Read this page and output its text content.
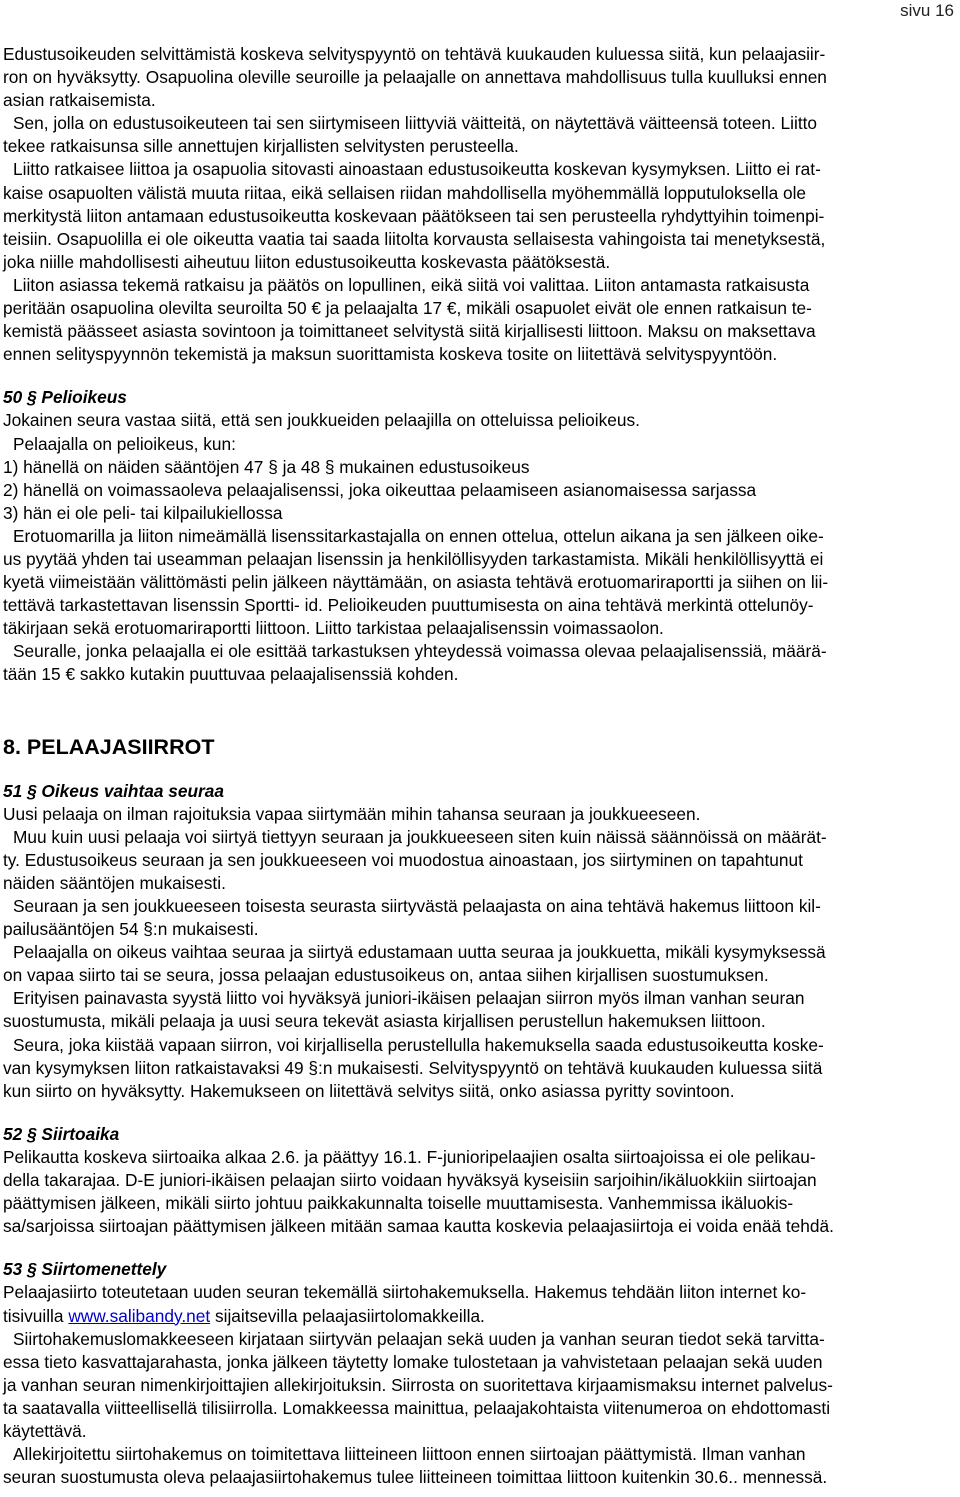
sivu 16

Edustusoikeuden selvittämistä koskeva selvityspyyntö on tehtävä kuukauden kuluessa siitä, kun pelaajasiir-

ron on hyväksytty. Osapuolina oleville seuroille ja pelaajalle on annettava mahdollisuus tulla kuulluksi ennen

asian ratkaisemista.

Sen, jolla on edustusoikeuteen tai sen siirtymiseen liittyviä väitteitä, on näytettävä väitteensä toteen. Liitto

tekee ratkaisunsa sille annettujen kirjallisten selvitysten perusteella.

Liitto ratkaisee liittoa ja osapuolia sitovasti ainoastaan edustusoikeutta koskevan kysymyksen. Liitto ei rat-

kaise osapuolten välistä muuta riitaa, eikä sellaisen riidan mahdollisella myöhemmällä lopputuloksella ole

merkitystä liiton antamaan edustusoikeutta koskevaan päätökseen tai sen perusteella ryhdyttyihin toimenpi-

teisiin. Osapuolilla ei ole oikeutta vaatia tai saada liitolta korvausta sellaisesta vahingoista tai menetyksestä,

joka niille mahdollisesti aiheutuu liiton edustusoikeutta koskevasta päätöksestä.

Liiton asiassa tekemä ratkaisu ja päätös on lopullinen, eikä siitä voi valittaa. Liiton antamasta ratkaisusta

peritään osapuolina olevilta seuroilta 50 € ja pelaajalta 17 €, mikäli osapuolet eivät ole ennen ratkaisun te-

kemistä päässeet asiasta sovintoon ja toimittaneet selvitystä siitä kirjallisesti liittoon. Maksu on maksettava

ennen selityspyynnön tekemistä ja maksun suorittamista koskeva tosite on liitettävä selvityspyyntöön.

50 § Pelioikeus

Jokainen seura vastaa siitä, että sen joukkueiden pelaajilla on otteluissa pelioikeus.

Pelaajalla on pelioikeus, kun:

1) hänellä on näiden sääntöjen 47 § ja 48 § mukainen edustusoikeus

2) hänellä on voimassaoleva pelaajalisenssi, joka oikeuttaa pelaamiseen asianomaisessa sarjassa

3) hän ei ole peli- tai kilpailukiellossa

Erotuomarilla ja liiton nimeämällä lisenssitarkastajalla on ennen ottelua, ottelun aikana ja sen jälkeen oike-

us pyytää yhden tai useamman pelaajan lisenssin ja henkilöllisyyden tarkastamista. Mikäli henkilöllisyyttä ei

kyetä viimeistään välittömästi pelin jälkeen näyttämään, on asiasta tehtävä erotuomariraportti ja siihen on lii-

tettävä tarkastettavan lisenssin Sportti- id. Pelioikeuden puuttumisesta on aina tehtävä merkintä otteluпöy-

täkirjaan sekä erotuomariraportti liittoon. Liitto tarkistaa pelaajalisenssin voimassaolon.

Seuralle, jonka pelaajalla ei ole esittää tarkastuksen yhteydessä voimassa olevaa pelaajalisenssiä, määrä-

tään 15 € sakko kutakin puuttuvaa pelaajalisenssiä kohden.

8. PELAAJASIIRROT

51 § Oikeus vaihtaa seuraa

Uusi pelaaja on ilman rajoituksia vapaa siirtymään mihin tahansa seuraan ja joukkueeseen.

Muu kuin uusi pelaaja voi siirtyä tiettyyn seuraan ja joukkueeseen siten kuin näissä säännöissä on määrät-

ty. Edustusoikeus seuraan ja sen joukkueeseen voi muodostua ainoastaan, jos siirtyminen on tapahtunut

näiden sääntöjen mukaisesti.

Seuraan ja sen joukkueeseen toisesta seurasta siirtyvästä pelaajasta on aina tehtävä hakemus liittoon kil-

pailusääntöjen 54 §:n mukaisesti.

Pelaajalla on oikeus vaihtaa seuraa ja siirtyä edustamaan uutta seuraa ja joukkuetta, mikäli kysymyksessä

on vapaa siirto tai se seura, jossa pelaajan edustusoikeus on, antaa siihen kirjallisen suostumuksen.

Erityisen painavasta syystä liitto voi hyväksyä juniori-ikäisen pelaajan siirron myös ilman vanhan seuran

suostumusta, mikäli pelaaja ja uusi seura tekevät asiasta kirjallisen perustellun hakemuksen liittoon.

Seura, joka kiistää vapaan siirron, voi kirjallisella perustellulla hakemuksella saada edustusoikeutta koske-

van kysymyksen liiton ratkaistavaksi 49 §:n mukaisesti. Selvityspyyntö on tehtävä kuukauden kuluessa siitä

kun siirto on hyväksytty. Hakemukseen on liitettävä selvitys siitä, onko asiassa pyritty sovintoon.

52 § Siirtoaika

Pelikautta koskeva siirtoaika alkaa 2.6. ja päättyy 16.1. F-junioripelaajien osalta siirtoajoissa ei ole pelikau-

della takarajaa. D-E juniori-ikäisen pelaajan siirto voidaan hyväksyä kyseisiin sarjoihin/ikäluokkiin siirtoajan

päättymisen jälkeen, mikäli siirto johtuu paikkakunnalta toiselle muuttamisesta. Vanhemmissa ikäluokis-

sa/sarjoissa siirtoajan päättymisen jälkeen mitään samaa kautta koskevia pelaajasiirtoja ei voida enää tehdä.

53 § Siirtomenettely

Pelaajasiirto toteutetaan uuden seuran tekemällä siirtohakemuksella. Hakemus tehdään liiton internet ko-

tisivuilla www.salibandy.net sijaitsevilla pelaajasiirtolomakkeilla.

Siirtohakemuslomakkeeseen kirjataan siirtyvän pelaajan sekä uuden ja vanhan seuran tiedot sekä tarvitta-

essa tieto kasvattajarahasta, jonka jälkeen täytetty lomake tulostetaan ja vahvistetaan pelaajan sekä uuden

ja vanhan seuran nimenkirjoittajien allekirjoituksin. Siirrosta on suoritettava kirjaamismaksu internet palvelus-

ta saatavalla viitteellisellä tilisiirrolla. Lomakkeessa mainittua, pelaajakohtaista viitenumeroa on ehdottomasti

käytettävä.

Allekirjoitettu siirtohakemus on toimitettava liitteineen liittoon ennen siirtoajan päättymistä. Ilman vanhan

seuran suostumusta oleva pelaajasiirtohakemus tulee liitteineen toimittaa liittoon kuitenkin 30.6.. mennessä.
